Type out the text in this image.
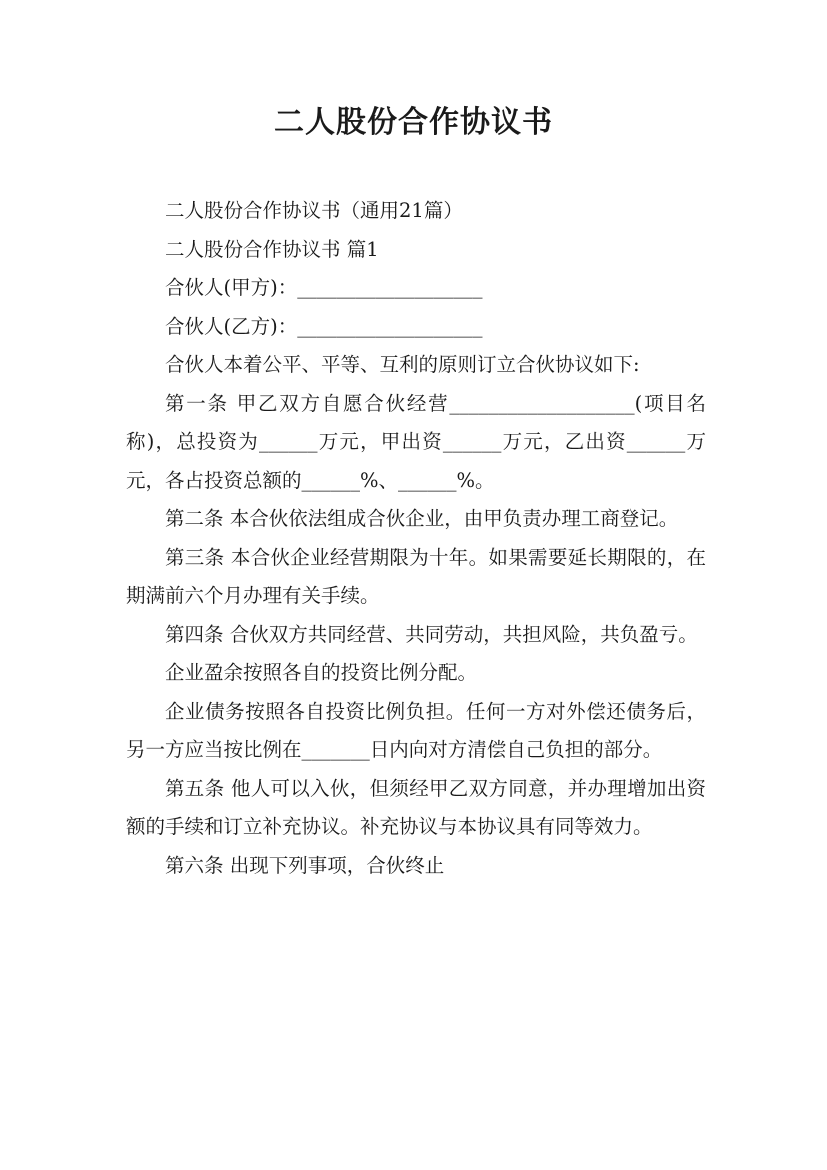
二人股份合作协议书

二人股份合作协议书（通用21篇）

二人股份合作协议书 篇1

合伙人(甲方)：___________________

合伙人(乙方)：___________________

合伙人本着公平、平等、互利的原则订立合伙协议如下:

第一条 甲乙双方自愿合伙经营___________________(项目名称)，总投资为______万元，甲出资______万元，乙出资______万元，各占投资总额的______%、______%。

第二条 本合伙依法组成合伙企业，由甲负责办理工商登记。

第三条 本合伙企业经营期限为十年。如果需要延长期限的，在期满前六个月办理有关手续。

第四条 合伙双方共同经营、共同劳动，共担风险，共负盈亏。

企业盈余按照各自的投资比例分配。

企业债务按照各自投资比例负担。任何一方对外偿还债务后，另一方应当按比例在_______日内向对方清偿自己负担的部分。

第五条 他人可以入伙，但须经甲乙双方同意，并办理增加出资额的手续和订立补充协议。补充协议与本协议具有同等效力。

第六条 出现下列事项，合伙终止
